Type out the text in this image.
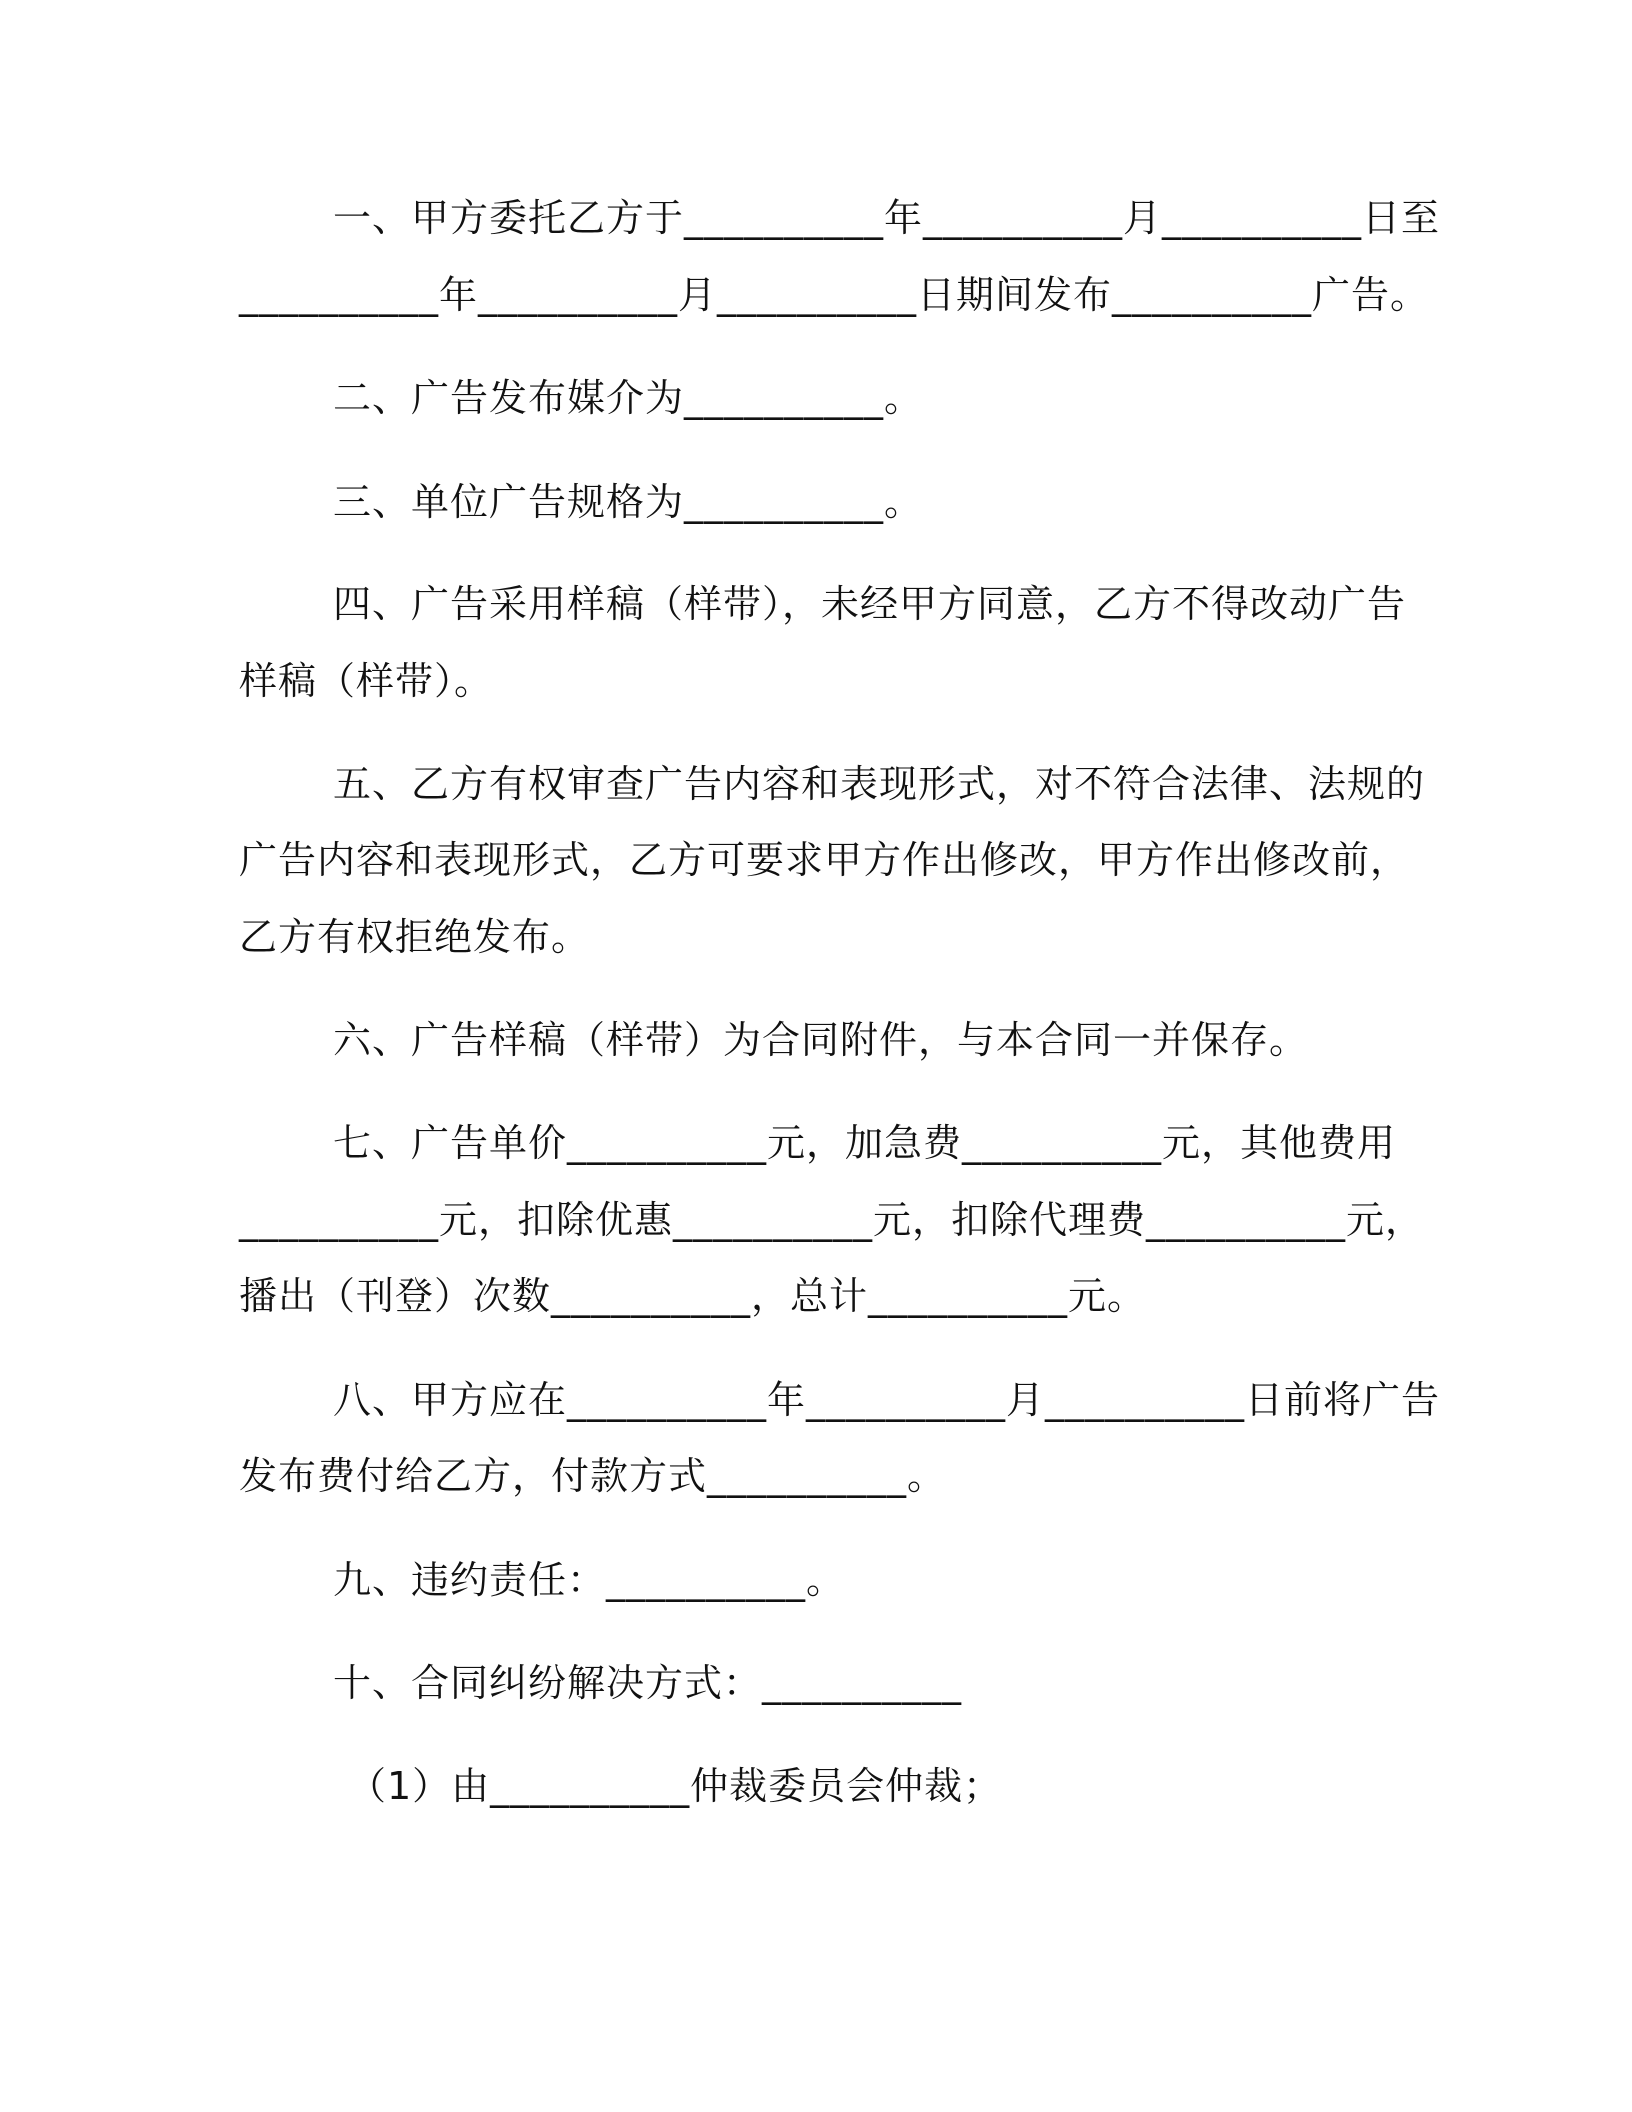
一、甲方委托乙方于__________年__________月__________日至
__________年__________月__________日期间发布__________广告。
二、广告发布媒介为__________。
三、单位广告规格为__________。
四、广告采用样稿（样带），未经甲方同意，乙方不得改动广告
样稿（样带）。
五、乙方有权审查广告内容和表现形式，对不符合法律、法规的
广告内容和表现形式，乙方可要求甲方作出修改，甲方作出修改前，
乙方有权拒绝发布。
六、广告样稿（样带）为合同附件，与本合同一并保存。
七、广告单价__________元，加急费__________元，其他费用
__________元，扣除优惠__________元，扣除代理费__________元，
播出（刊登）次数__________，总计__________元。
八、甲方应在__________年__________月__________日前将广告
发布费付给乙方，付款方式__________。
九、违约责任：__________。
十、合同纠纷解决方式：__________
（1）由__________仲裁委员会仲裁；
